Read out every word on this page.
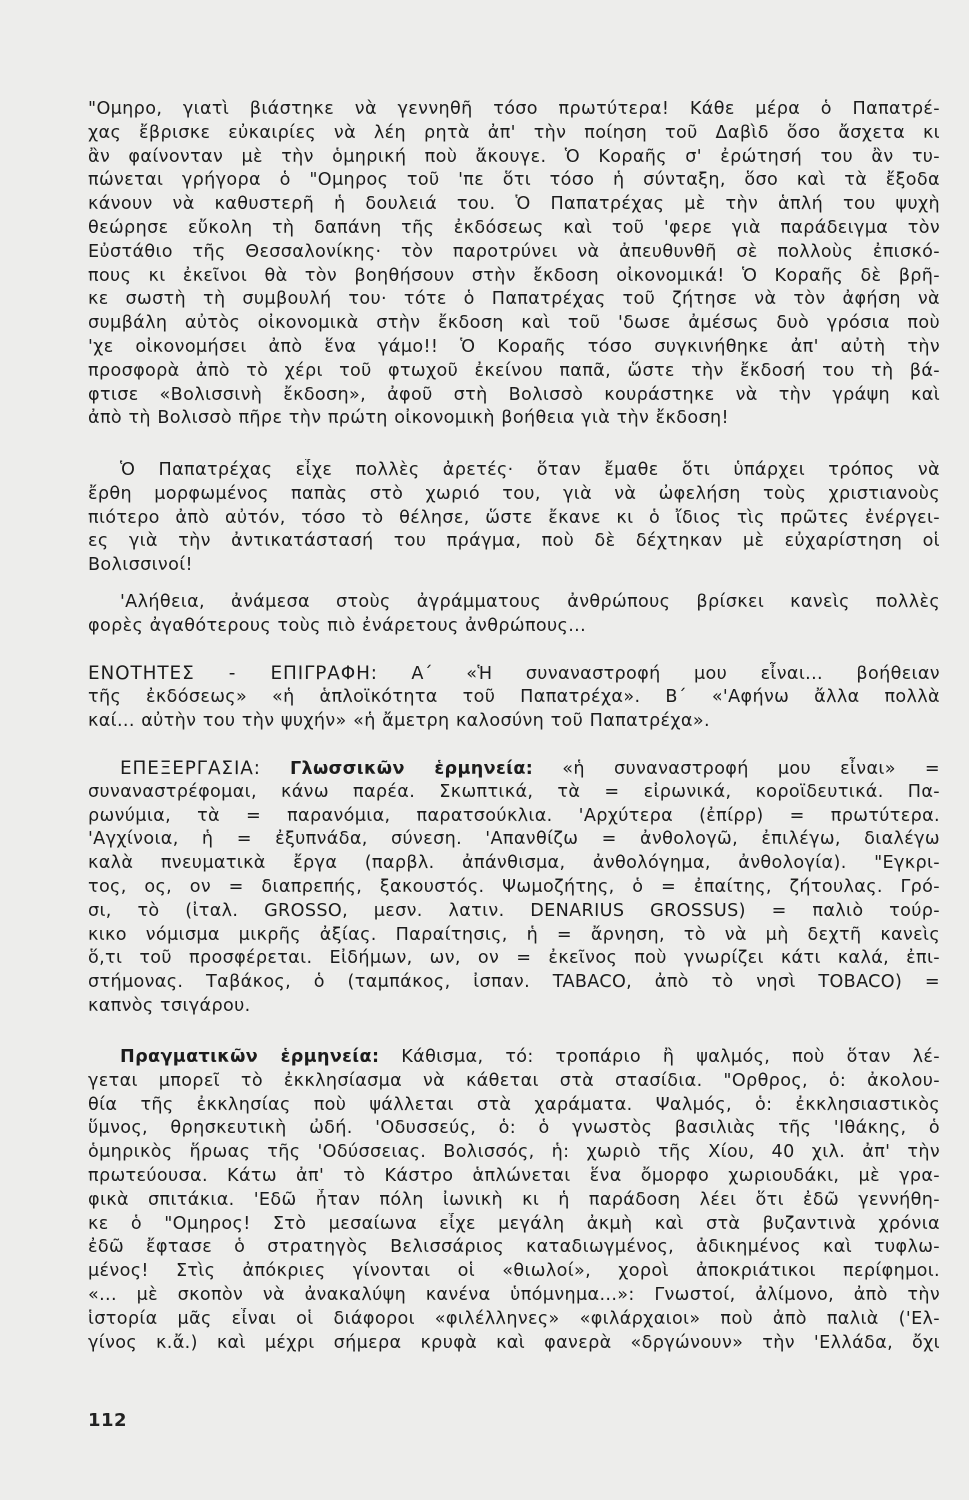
"Ομηρο, γιατὶ βιάστηκε νὰ γεννηθῆ τόσο πρωτύτερα! Κάθε μέρα ὁ Παπατρέ-
χας ἔβρισκε εὐκαιρίες νὰ λέη ρητὰ ἀπ' τὴν ποίηση τοῦ Δαβὶδ ὅσο ἄσχετα κι
ἂν φαίνονταν μὲ τὴν ὁμηρική ποὺ ἄκουγε. Ὁ Κοραῆς σ' ἐρώτησή του ἂν τυ-
πώνεται γρήγορα ὁ "Ομηρος τοῦ 'πε ὅτι τόσο ἡ σύνταξη, ὅσο καὶ τὰ ἔξοδα
κάνουν νὰ καθυστερῆ ἡ δουλειά του. Ὁ Παπατρέχας μὲ τὴν ἁπλή του ψυχὴ
θεώρησε εὔκολη τὴ δαπάνη τῆς ἐκδόσεως καὶ τοῦ 'φερε γιὰ παράδειγμα τὸν
Εὐστάθιο τῆς Θεσσαλονίκης· τὸν παροτρύνει νὰ ἀπευθυνθῆ σὲ πολλοὺς ἐπισκό-
πους κι ἐκεῖνοι θὰ τὸν βοηθήσουν στὴν ἔκδοση οἰκονομικά! Ὁ Κοραῆς δὲ βρῆ-
κε σωστὴ τὴ συμβουλή του· τότε ὁ Παπατρέχας τοῦ ζήτησε νὰ τὸν ἀφήση νὰ
συμβάλη αὐτὸς οἰκονομικὰ στὴν ἔκδοση καὶ τοῦ 'δωσε ἀμέσως δυὸ γρόσια ποὺ
'χε οἰκονομήσει ἀπὸ ἕνα γάμο!! Ὁ Κοραῆς τόσο συγκινήθηκε ἀπ' αὐτὴ τὴν
προσφορὰ ἀπὸ τὸ χέρι τοῦ φτωχοῦ ἐκείνου παπᾶ, ὥστε τὴν ἔκδοσή του τὴ βά-
φτισε «Βολισσινὴ ἔκδοση», ἀφοῦ στὴ Βολισσὸ κουράστηκε νὰ τὴν γράψη καὶ
ἀπὸ τὴ Βολισσὸ πῆρε τὴν πρώτη οἰκονομικὴ βοήθεια γιὰ τὴν ἔκδοση!
Ὁ Παπατρέχας εἶχε πολλὲς ἀρετές· ὅταν ἔμαθε ὅτι ὑπάρχει τρόπος νὰ
ἔρθη μορφωμένος παπὰς στὸ χωριό του, γιὰ νὰ ὠφελήση τοὺς χριστιανοὺς
πιότερο ἀπὸ αὐτόν, τόσο τὸ θέλησε, ὥστε ἔκανε κι ὁ ἴδιος τὶς πρῶτες ἐνέργει-
ες γιὰ τὴν ἀντικατάστασή του πράγμα, ποὺ δὲ δέχτηκαν μὲ εὐχαρίστηση οἱ
Βολισσινοί!
'Αλήθεια, ἀνάμεσα στοὺς ἀγράμματους ἀνθρώπους βρίσκει κανεὶς πολλὲς
φορὲς ἀγαθότερους τοὺς πιὸ ἐνάρετους ἀνθρώπους...
ΕΝΟΤΗΤΕΣ - ΕΠΙΓΡΑΦΗ: Α΄ «Ἡ συναναστροφή μου εἶναι... βοήθειαν
τῆς ἐκδόσεως» «ἡ ἁπλοϊκότητα τοῦ Παπατρέχα». Β΄ «'Αφήνω ἄλλα πολλὰ
καί... αὐτὴν του τὴν ψυχήν» «ἡ ἄμετρη καλοσύνη τοῦ Παπατρέχα».
ΕΠΕΞΕΡΓΑΣΙΑ: Γλωσσικῶν ἑρμηνεία: «ἡ συναναστροφή μου εἶναι» =
συναναστρέφομαι, κάνω παρέα. Σκωπτικά, τὰ = εἰρωνικά, κοροϊδευτικά. Πα-
ρωνύμια, τὰ = παρανόμια, παρατσούκλια. 'Αρχύτερα (ἐπίρρ) = πρωτύτερα.
'Αγχίνοια, ἡ = ἐξυπνάδα, σύνεση. 'Απανθίζω = ἀνθολογῶ, ἐπιλέγω, διαλέγω
καλὰ πνευματικὰ ἔργα (παρβλ. ἀπάνθισμα, ἀνθολόγημα, ἀνθολογία). "Εγκρι-
τος, ος, ον = διαπρεπής, ξακουστός. Ψωμοζήτης, ὁ = ἐπαίτης, ζήτουλας. Γρό-
σι, τὸ (ἰταλ. GROSSO, μεσν. λατιν. DENARIUS GROSSUS) = παλιὸ τούρ-
κικο νόμισμα μικρῆς ἀξίας. Παραίτησις, ἡ = ἄρνηση, τὸ νὰ μὴ δεχτῆ κανεὶς
ὅ,τι τοῦ προσφέρεται. Εἰδήμων, ων, ον = ἐκεῖνος ποὺ γνωρίζει κάτι καλά, ἐπι-
στήμονας. Ταβάκος, ὁ (ταμπάκος, ἰσπαν. TABACO, ἀπὸ τὸ νησὶ TOBACO) =
καπνὸς τσιγάρου.
Πραγματικῶν ἑρμηνεία: Κάθισμα, τό: τροπάριο ἢ ψαλμός, ποὺ ὅταν λέ-
γεται μπορεῖ τὸ ἐκκλησίασμα νὰ κάθεται στὰ στασίδια. "Ορθρος, ὁ: ἀκολου-
θία τῆς ἐκκλησίας ποὺ ψάλλεται στὰ χαράματα. Ψαλμός, ὁ: ἐκκλησιαστικὸς
ὕμνος, θρησκευτικὴ ὠδή. 'Οδυσσεύς, ὁ: ὁ γνωστὸς βασιλιὰς τῆς 'Ιθάκης, ὁ
ὁμηρικὸς ἥρωας τῆς 'Οδύσσειας. Βολισσός, ἡ: χωριὸ τῆς Χίου, 40 χιλ. ἀπ' τὴν
πρωτεύουσα. Κάτω ἀπ' τὸ Κάστρο ἁπλώνεται ἕνα ὄμορφο χωριουδάκι, μὲ γρα-
φικὰ σπιτάκια. 'Εδῶ ἦταν πόλη ἰωνικὴ κι ἡ παράδοση λέει ὅτι ἐδῶ γεννήθη-
κε ὁ "Ομηρος! Στὸ μεσαίωνα εἶχε μεγάλη ἀκμὴ καὶ στὰ βυζαντινὰ χρόνια
ἐδῶ ἔφτασε ὁ στρατηγὸς Βελισσάριος καταδιωγμένος, ἀδικημένος καὶ τυφλω-
μένος! Στὶς ἀπόκριες γίνονται οἱ «θιωλοί», χοροὶ ἀποκριάτικοι περίφημοι.
«... μὲ σκοπὸν νὰ ἀνακαλύψη κανένα ὑπόμνημα...»: Γνωστοί, ἀλίμονο, ἀπὸ τὴν
ἱστορία μᾶς εἶναι οἱ διάφοροι «φιλέλληνες» «φιλάρχαιοι» ποὺ ἀπὸ παλιὰ ('Ελ-
γίνος κ.ἄ.) καὶ μέχρι σήμερα κρυφὰ καὶ φανερὰ «δργώνουν» τὴν 'Ελλάδα, ὄχι
112
